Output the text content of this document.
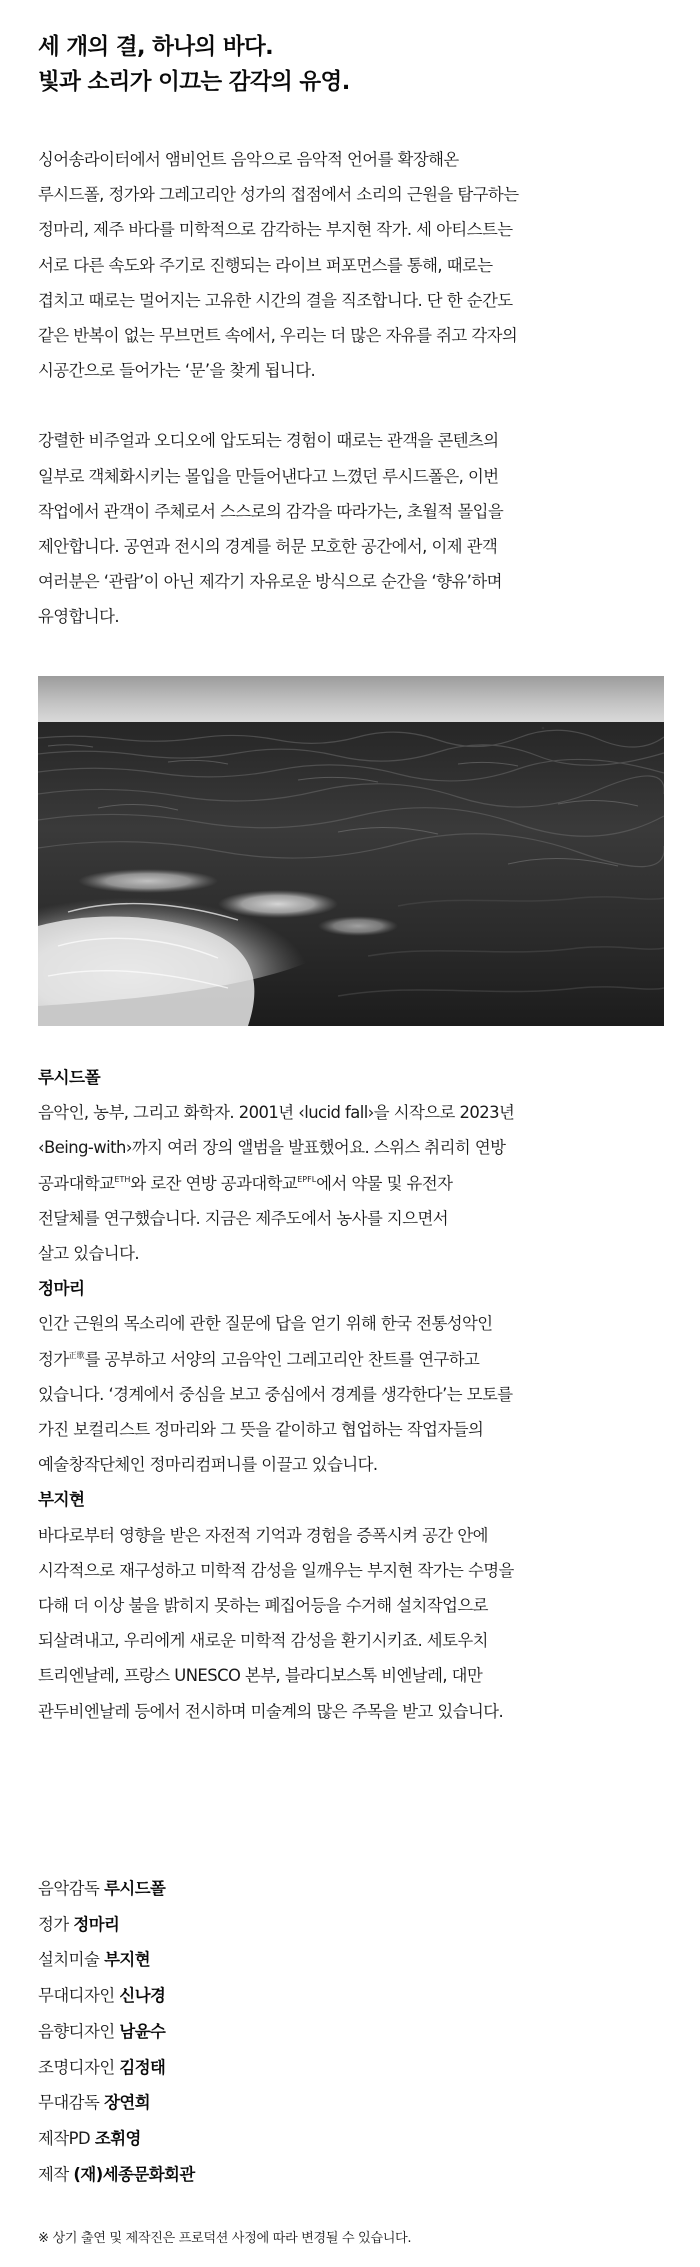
세 개의 결, 하나의 바다.
빛과 소리가 이끄는 감각의 유영.

싱어송라이터에서 앰비언트 음악으로 음악적 언어를 확장해온
루시드폴, 정가와 그레고리안 성가의 접점에서 소리의 근원을 탐구하는
정마리, 제주 바다를 미학적으로 감각하는 부지현 작가. 세 아티스트는
서로 다른 속도와 주기로 진행되는 라이브 퍼포먼스를 통해, 때로는
겹치고 때로는 멀어지는 고유한 시간의 결을 직조합니다. 단 한 순간도
같은 반복이 없는 무브먼트 속에서, 우리는 더 많은 자유를 쥐고 각자의
시공간으로 들어가는 ‘문’을 찾게 됩니다.

강렬한 비주얼과 오디오에 압도되는 경험이 때로는 관객을 콘텐츠의
일부로 객체화시키는 몰입을 만들어낸다고 느꼈던 루시드폴은, 이번
작업에서 관객이 주체로서 스스로의 감각을 따라가는, 초월적 몰입을
제안합니다. 공연과 전시의 경계를 허문 모호한 공간에서, 이제 관객
여러분은 ‘관람’이 아닌 제각기 자유로운 방식으로 순간을 ‘향유’하며
유영합니다.

루시드폴

음악인, 농부, 그리고 화학자. 2001년 ‹lucid fall›을 시작으로 2023년
‹Being-with›까지 여러 장의 앨범을 발표했어요. 스위스 취리히 연방
공과대학교$^{ETH}$와 로잔 연방 공과대학교$^{EPFL}$에서 약물 및 유전자
전달체를 연구했습니다. 지금은 제주도에서 농사를 지으면서
살고 있습니다.

정마리

인간 근원의 목소리에 관한 질문에 답을 얻기 위해 한국 전통성악인
정가$^{正歌}$를 공부하고 서양의 고음악인 그레고리안 찬트를 연구하고
있습니다. ‘경계에서 중심을 보고 중심에서 경계를 생각한다’는 모토를
가진 보컬리스트 정마리와 그 뜻을 같이하고 협업하는 작업자들의
예술창작단체인 정마리컴퍼니를 이끌고 있습니다.

부지현

바다로부터 영향을 받은 자전적 기억과 경험을 증폭시켜 공간 안에
시각적으로 재구성하고 미학적 감성을 일깨우는 부지현 작가는 수명을
다해 더 이상 불을 밝히지 못하는 폐집어등을 수거해 설치작업으로
되살려내고, 우리에게 새로운 미학적 감성을 환기시키죠. 세토우치
트리엔날레, 프랑스 UNESCO 본부, 블라디보스톡 비엔날레, 대만
관두비엔날레 등에서 전시하며 미술계의 많은 주목을 받고 있습니다.

음악감독 루시드폴
정가 정마리
설치미술 부지현
무대디자인 신나경
음향디자인 남윤수
조명디자인 김정태
무대감독 장연희
제작PD 조휘영
제작 (재)세종문화회관
※ 상기 출연 및 제작진은 프로덕션 사정에 따라 변경될 수 있습니다.
